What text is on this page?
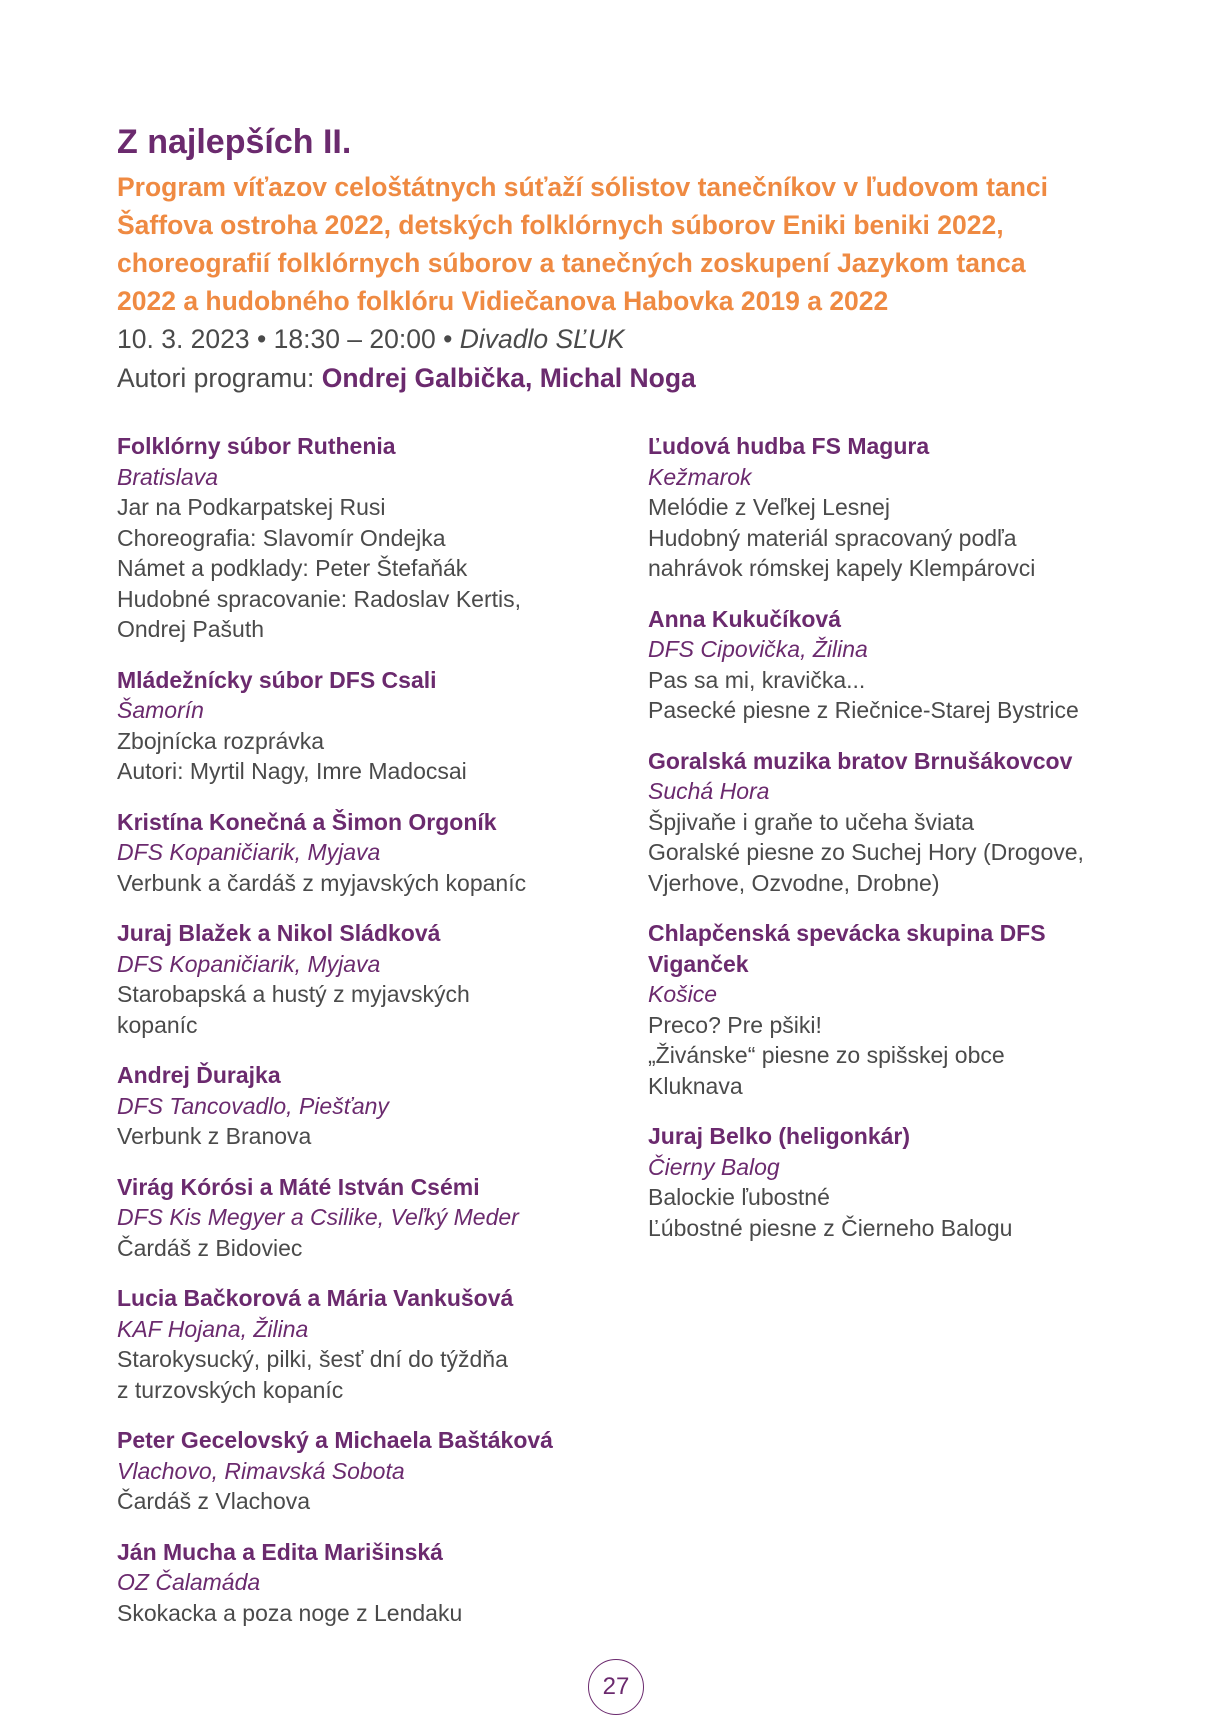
Z najlepších II.

Program víťazov celoštátnych súťaží sólistov tanečníkov v ľudovom tanci
Šaffova ostroha 2022, detských folklórnych súborov Eniki beniki 2022,
choreografií folklórnych súborov a tanečných zoskupení Jazykom tanca
2022 a hudobného folklóru Vidiečanova Habovka 2019 a 2022

10. 3. 2023 • 18:30 – 20:00 • Divadlo SĽUK

Autori programu: Ondrej Galbička, Michal Noga

Folklórny súbor Ruthenia
Bratislava
Jar na Podkarpatskej Rusi
Choreografia: Slavomír Ondejka
Námet a podklady: Peter Štefaňák
Hudobné spracovanie: Radoslav Kertis,
Ondrej Pašuth
Mládežnícky súbor DFS Csali
Šamorín
Zbojnícka rozprávka
Autori: Myrtil Nagy, Imre Madocsai
Kristína Konečná a Šimon Orgoník
DFS Kopaničiarik, Myjava
Verbunk a čardáš z myjavských kopaníc
Juraj Blažek a Nikol Sládková
DFS Kopaničiarik, Myjava
Starobapská a hustý z myjavských
kopaníc
Andrej Ďurajka
DFS Tancovadlo, Piešťany
Verbunk z Branova
Virág Kórósi a Máté István Csémi
DFS Kis Megyer a Csilike, Veľký Meder
Čardáš z Bidoviec
Lucia Bačkorová a Mária Vankušová
KAF Hojana, Žilina
Starokysucký, pilki, šesť dní do týždňa
z turzovských kopaníc
Peter Gecelovský a Michaela Baštáková
Vlachovo, Rimavská Sobota
Čardáš z Vlachova
Ján Mucha a Edita Marišinská
OZ Čalamáda
Skokacka a poza noge z Lendaku
Ľudová hudba FS Magura
Kežmarok
Melódie z Veľkej Lesnej
Hudobný materiál spracovaný podľa
nahrávok rómskej kapely Klempárovci
Anna Kukučíková
DFS Cipovička, Žilina
Pas sa mi, kravička...
Pasecké piesne z Riečnice-Starej Bystrice
Goralská muzika bratov Brnušákovcov
Suchá Hora
Špjivaňe i graňe to učeha šviata
Goralské piesne zo Suchej Hory (Drogove,
Vjerhove, Ozvodne, Drobne)
Chlapčenská spevácka skupina DFS Viganček
Košice
Preco? Pre pšiki!
„Živánske“ piesne zo spišskej obce
Kluknava
Juraj Belko (heligonkár)
Čierny Balog
Balockie ľubostné
Ľúbostné piesne z Čierneho Balogu
27
